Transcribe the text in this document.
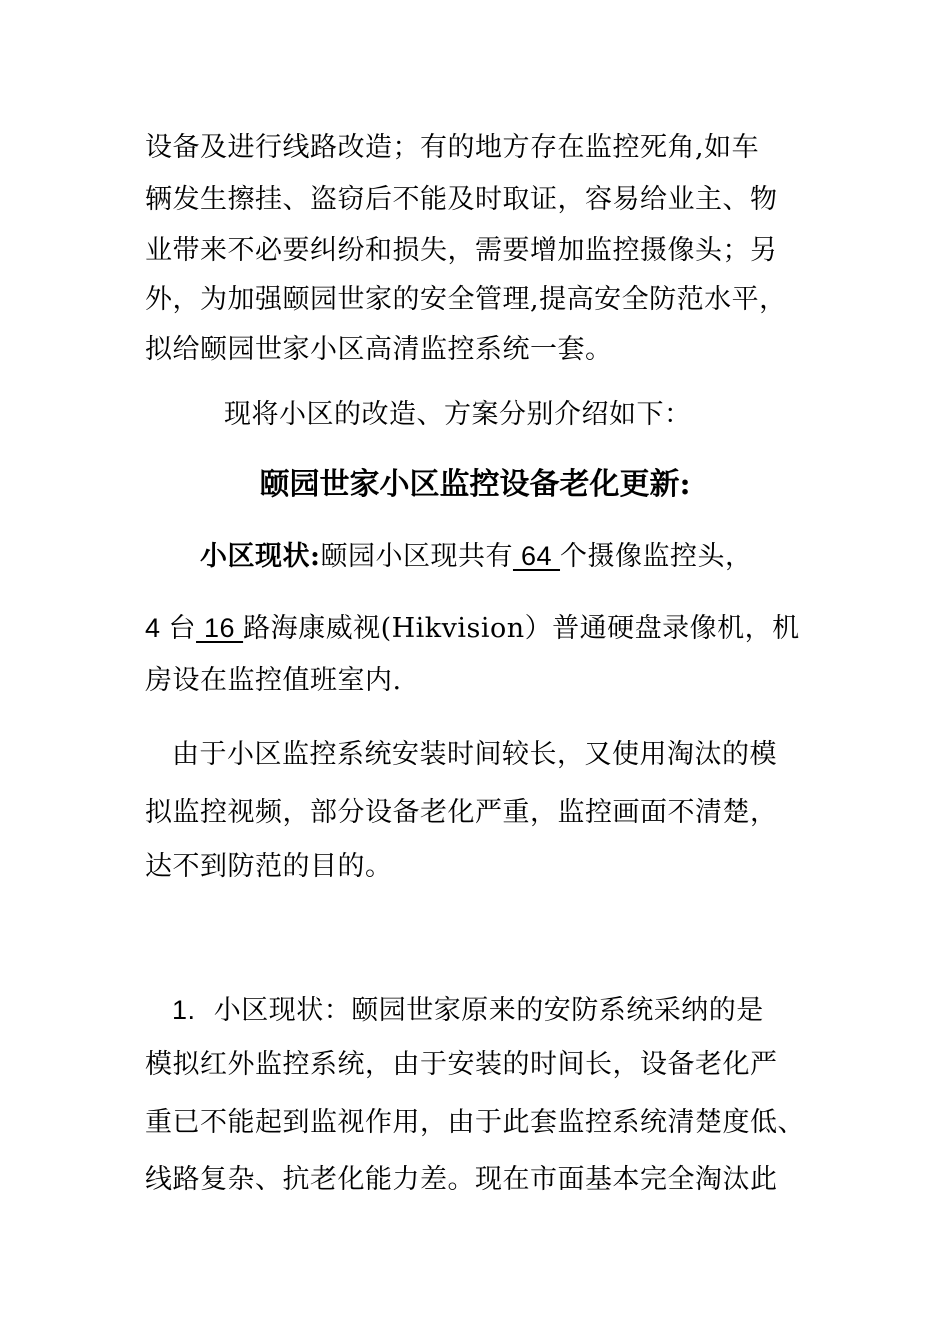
设备及进行线路改造；有的地方存在监控死角,如车
辆发生擦挂、盗窃后不能及时取证，容易给业主、物
业带来不必要纠纷和损失，需要增加监控摄像头；另
外，为加强颐园世家的安全管理,提高安全防范水平，
拟给颐园世家小区高清监控系统一套。
现将小区的改造、方案分别介绍如下：
颐园世家小区监控设备老化更新:
小区现状:颐园小区现共有 64 个摄像监控头，
4 台 16 路海康威视(Hikvision）普通硬盘录像机，机
房设在监控值班室内.
由于小区监控系统安装时间较长，又使用淘汰的模
拟监控视频，部分设备老化严重，监控画面不清楚，
达不到防范的目的。
1. 小区现状：颐园世家原来的安防系统采纳的是
模拟红外监控系统，由于安装的时间长，设备老化严
重已不能起到监视作用，由于此套监控系统清楚度低、
线路复杂、抗老化能力差。现在市面基本完全淘汰此
